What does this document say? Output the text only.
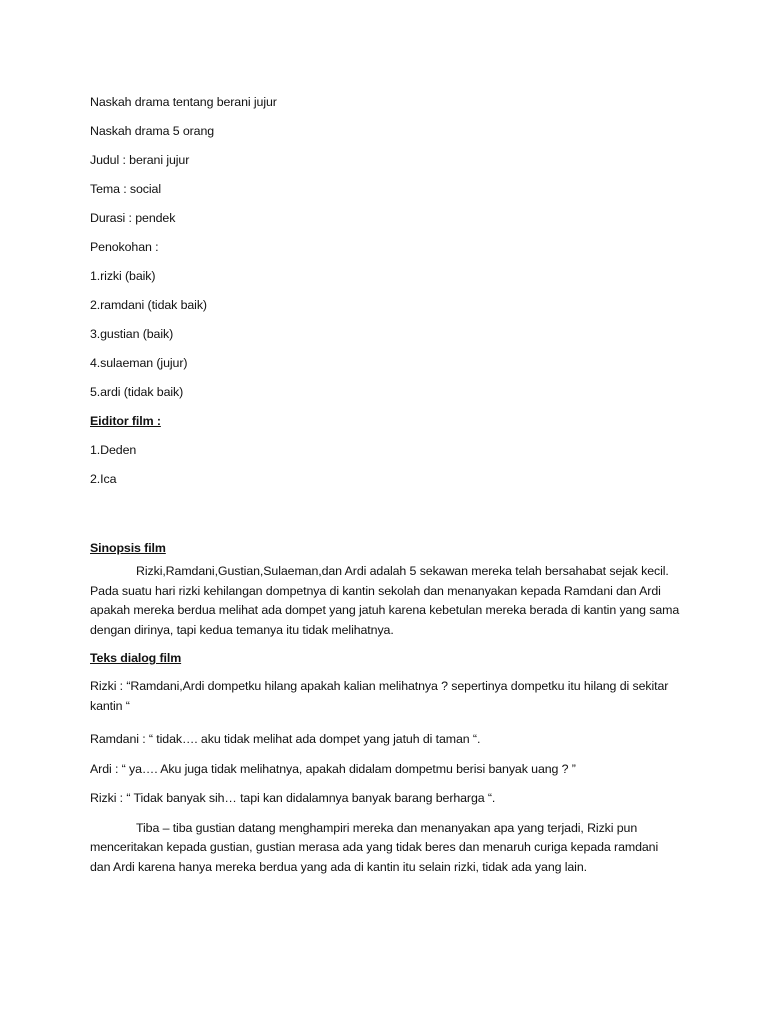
Naskah drama tentang berani jujur
Naskah drama 5 orang
Judul : berani jujur
Tema : social
Durasi : pendek
Penokohan :
1.rizki (baik)
2.ramdani (tidak baik)
3.gustian (baik)
4.sulaeman (jujur)
5.ardi (tidak baik)
Eiditor film :
1.Deden
2.Ica
Sinopsis film

Rizki,Ramdani,Gustian,Sulaeman,dan Ardi adalah 5 sekawan mereka telah bersahabat sejak kecil. Pada suatu hari rizki kehilangan dompetnya di kantin sekolah dan menanyakan kepada Ramdani dan Ardi apakah mereka berdua melihat ada dompet yang jatuh karena kebetulan mereka berada di kantin yang sama dengan dirinya, tapi kedua temanya itu tidak melihatnya.

Teks dialog film

Rizki : “Ramdani,Ardi dompetku hilang apakah kalian melihatnya ? sepertinya dompetku itu hilang di sekitar kantin “

Ramdani : “ tidak…. aku tidak melihat ada dompet yang jatuh di taman “.

Ardi : “ ya…. Aku juga tidak melihatnya, apakah didalam dompetmu berisi banyak uang ? ”

Rizki : “ Tidak banyak sih… tapi kan didalamnya banyak barang berharga “.

Tiba – tiba gustian datang menghampiri mereka dan menanyakan apa yang terjadi, Rizki pun menceritakan kepada gustian, gustian merasa ada yang tidak beres dan menaruh curiga kepada ramdani dan Ardi karena hanya mereka berdua yang ada di kantin itu selain rizki, tidak ada yang lain.
